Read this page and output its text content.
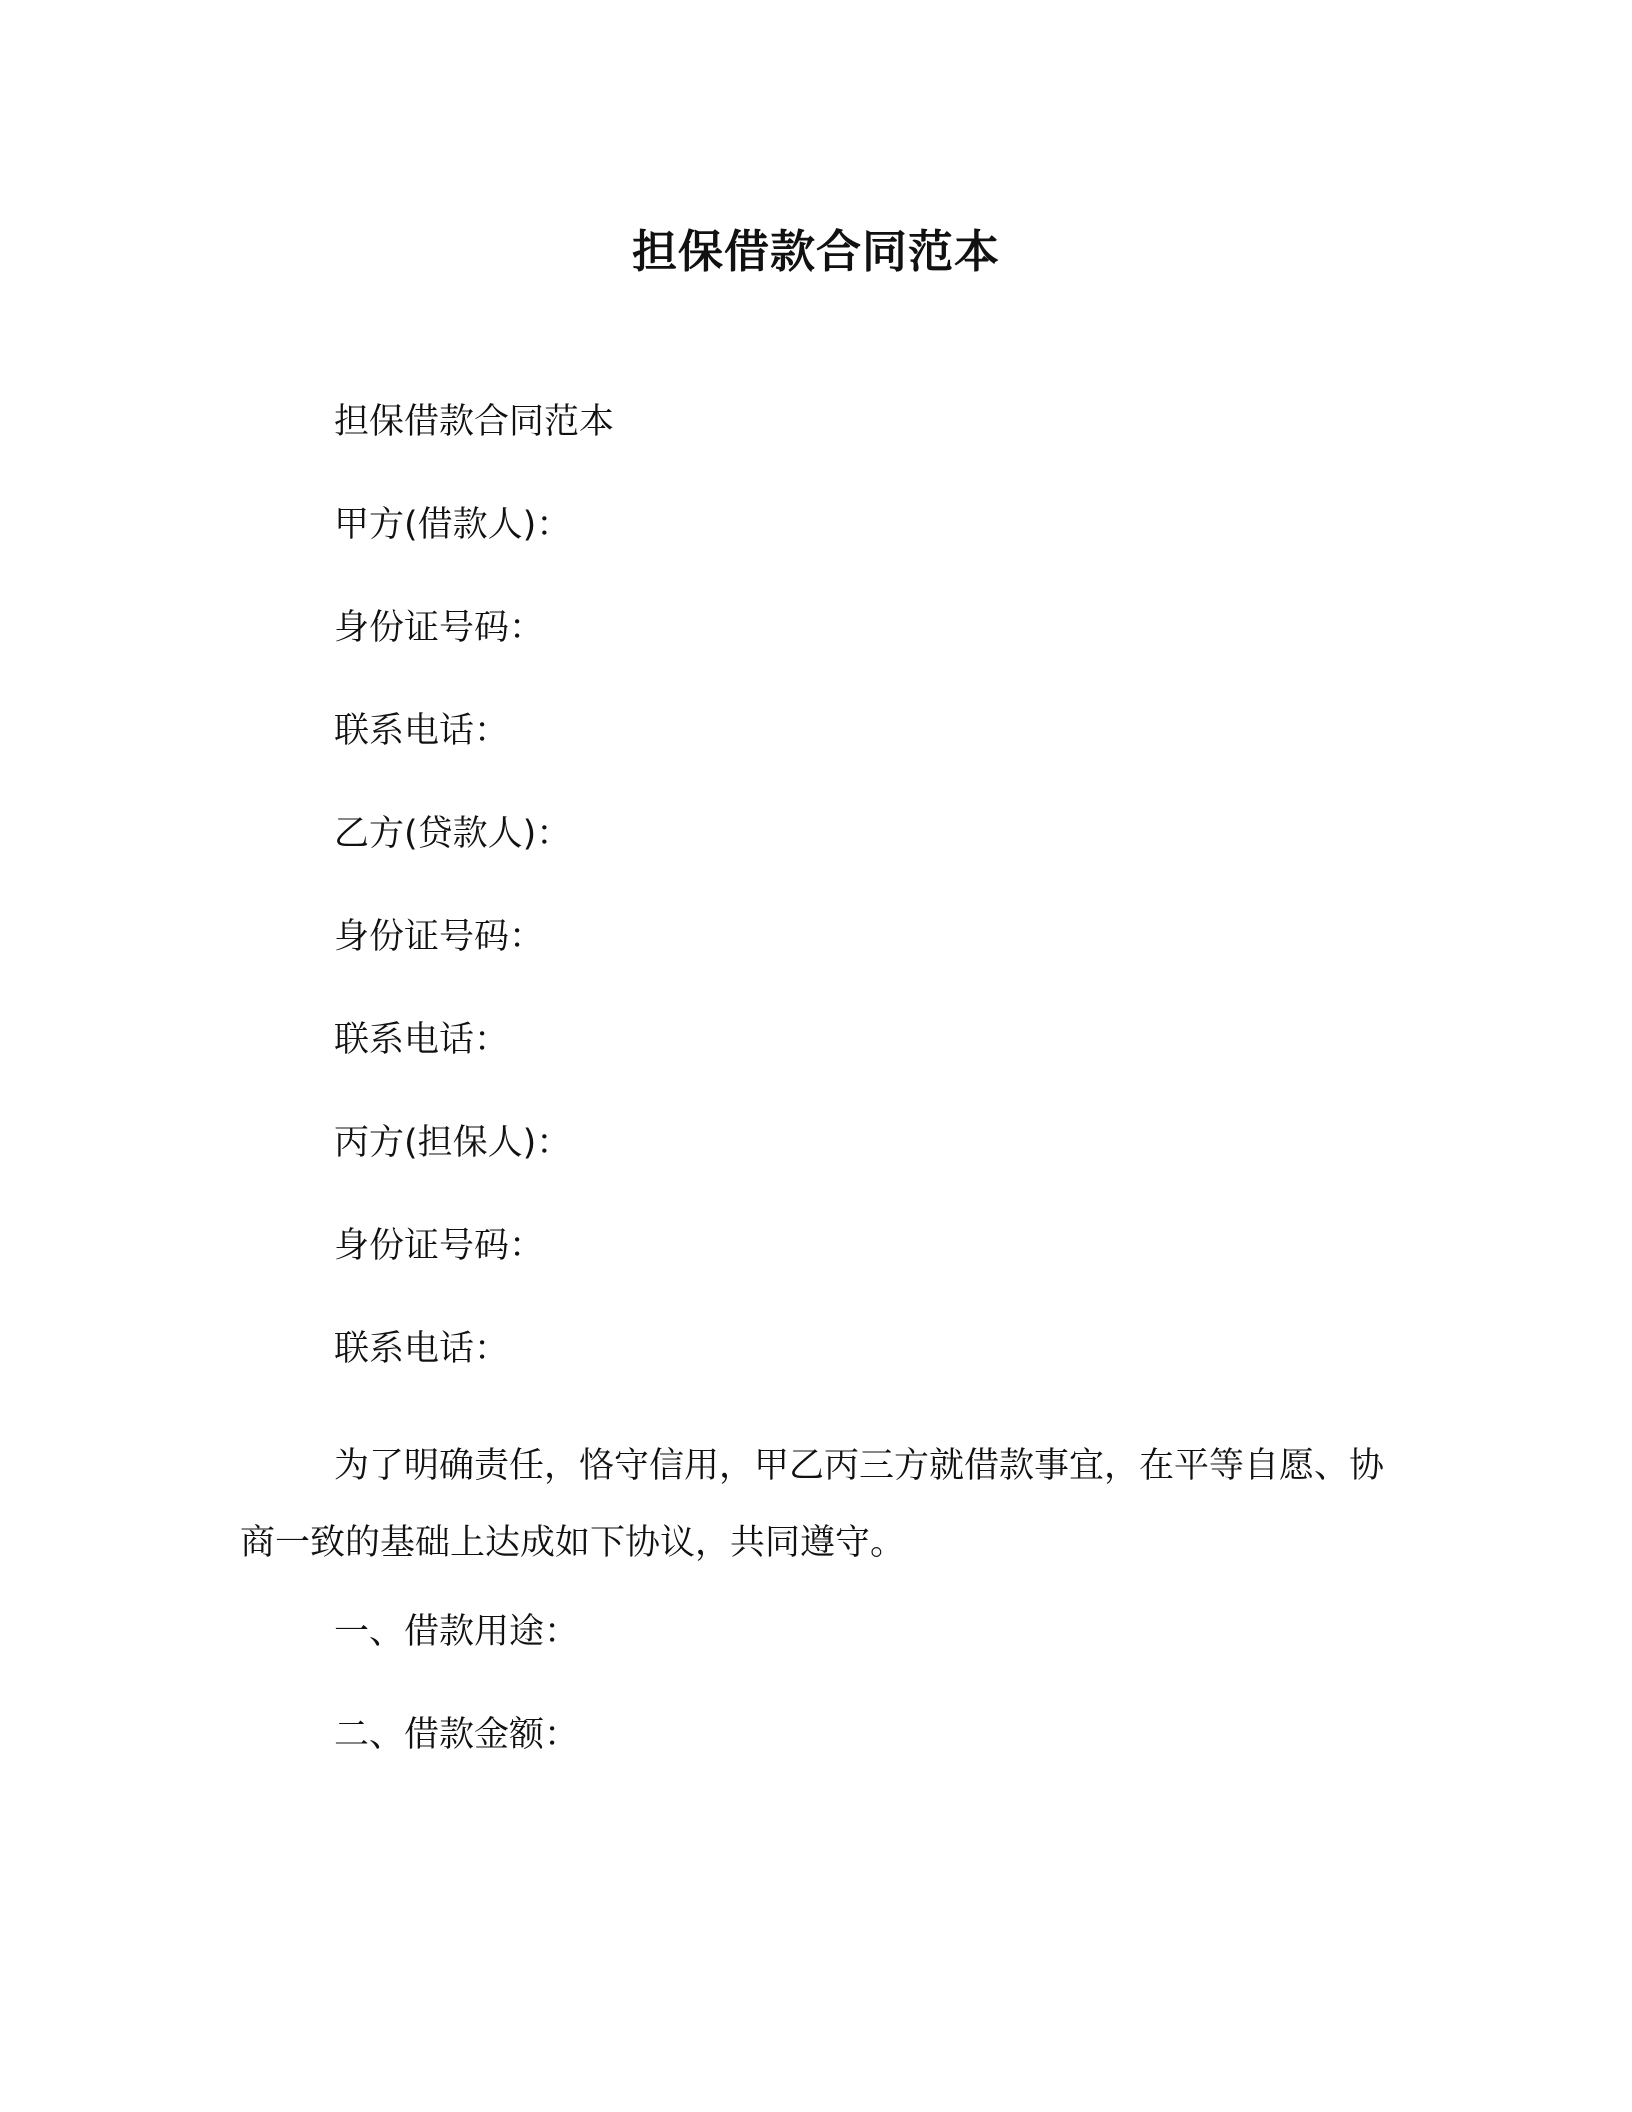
担保借款合同范本
担保借款合同范本
甲方(借款人)：
身份证号码：
联系电话：
乙方(贷款人)：
身份证号码：
联系电话：
丙方(担保人)：
身份证号码：
联系电话：
为了明确责任，恪守信用，甲乙丙三方就借款事宜，在平等自愿、协商一致的基础上达成如下协议，共同遵守。
一、借款用途：
二、借款金额：
